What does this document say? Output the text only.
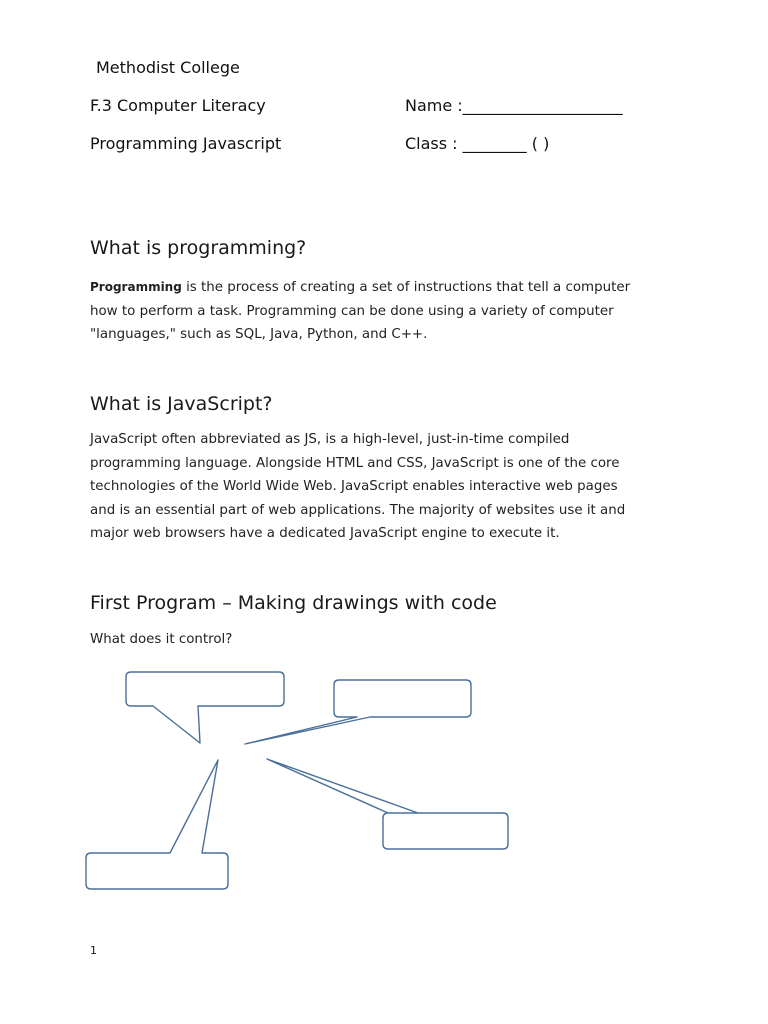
Methodist College
F.3 Computer Literacy
Programming Javascript
Name :____________________
Class : ________ ( )
What is programming?
Programming is the process of creating a set of instructions that tell a computer
how to perform a task. Programming can be done using a variety of computer
"languages," such as SQL, Java, Python, and C++.
What is JavaScript?
JavaScript often abbreviated as JS, is a high-level, just-in-time compiled
programming language. Alongside HTML and CSS, JavaScript is one of the core
technologies of the World Wide Web. JavaScript enables interactive web pages
and is an essential part of web applications. The majority of websites use it and
major web browsers have a dedicated JavaScript engine to execute it.
First Program – Making drawings with code
What does it control?
1
